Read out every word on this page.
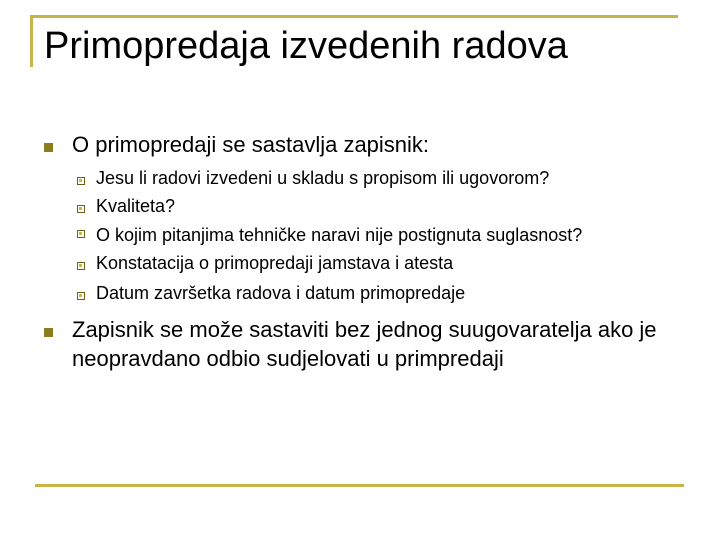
Primopredaja izvedenih radova
O primopredaji se sastavlja zapisnik:
Jesu li radovi izvedeni u skladu s propisom ili ugovorom?
Kvaliteta?
O kojim pitanjima tehničke naravi nije postignuta suglasnost?
Konstatacija o primopredaji jamstava i atesta
Datum završetka radova i datum primopredaje
Zapisnik se može sastaviti bez jednog suugovaratelja ako je neopravdano odbio sudjelovati u primpredaji
